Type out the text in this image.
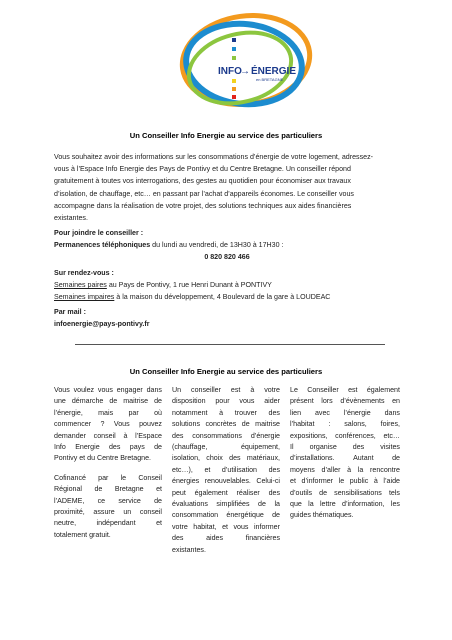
INFO
→ ÉNERGIE
en BRETAGNE
Un Conseiller Info Energie au service des particuliers
Vous souhaitez avoir des informations sur les consommations d’énergie de votre logement, adressez-
vous à l’Espace Info Energie des Pays de Pontivy et du Centre Bretagne. Un conseiller répond
gratuitement à toutes vos interrogations, des gestes au quotidien pour économiser aux travaux
d’isolation, de chauffage, etc… en passant par l’achat d’appareils économes. Le conseiller vous
accompagne dans la réalisation de votre projet, des solutions techniques aux aides financières
existantes.
Pour joindre le conseiller :
Permanences téléphoniques du lundi au vendredi, de 13H30 à 17H30 :
0 820 820 466
Sur rendez-vous :
Semaines paires au Pays de Pontivy, 1 rue Henri Dunant à PONTIVY
Semaines impaires à la maison du développement, 4 Boulevard de la gare à LOUDEAC
Par mail :
infoenergie@pays-pontivy.fr
Un Conseiller Info Energie au service des particuliers
Vous voulez vous engager dans
une démarche de maitrise de
l’énergie, mais par où
commencer ? Vous pouvez
demander conseil à l’Espace
Info Energie des pays de
Pontivy et du Centre Bretagne.
Cofinancé par le Conseil
Régional de Bretagne et
l’ADEME, ce service de
proximité, assure un conseil
neutre,	indépendant	et
totalement gratuit.
Un conseiller est à votre
disposition pour vous aider
notamment à trouver des
solutions concrètes de maitrise
des consommations d’énergie
(chauffage,	équipement,
isolation, choix des matériaux,
etc…), et d’utilisation des
énergies renouvelables. Celui-ci
peut également réaliser des
évaluations simplifiées de la
consommation énergétique de
votre habitat, et vous informer
des	aides	financières
existantes.
Le Conseiller est également
présent lors d’évènements en
lien avec l’énergie dans
l’habitat : salons, foires,
expositions, conférences, etc…
Il organise des visites
d’installations.	Autant	de
moyens d’aller à la rencontre
et d’informer le public à l’aide
d’outils de sensibilisations tels
que la lettre d’information, les
guides thématiques.
